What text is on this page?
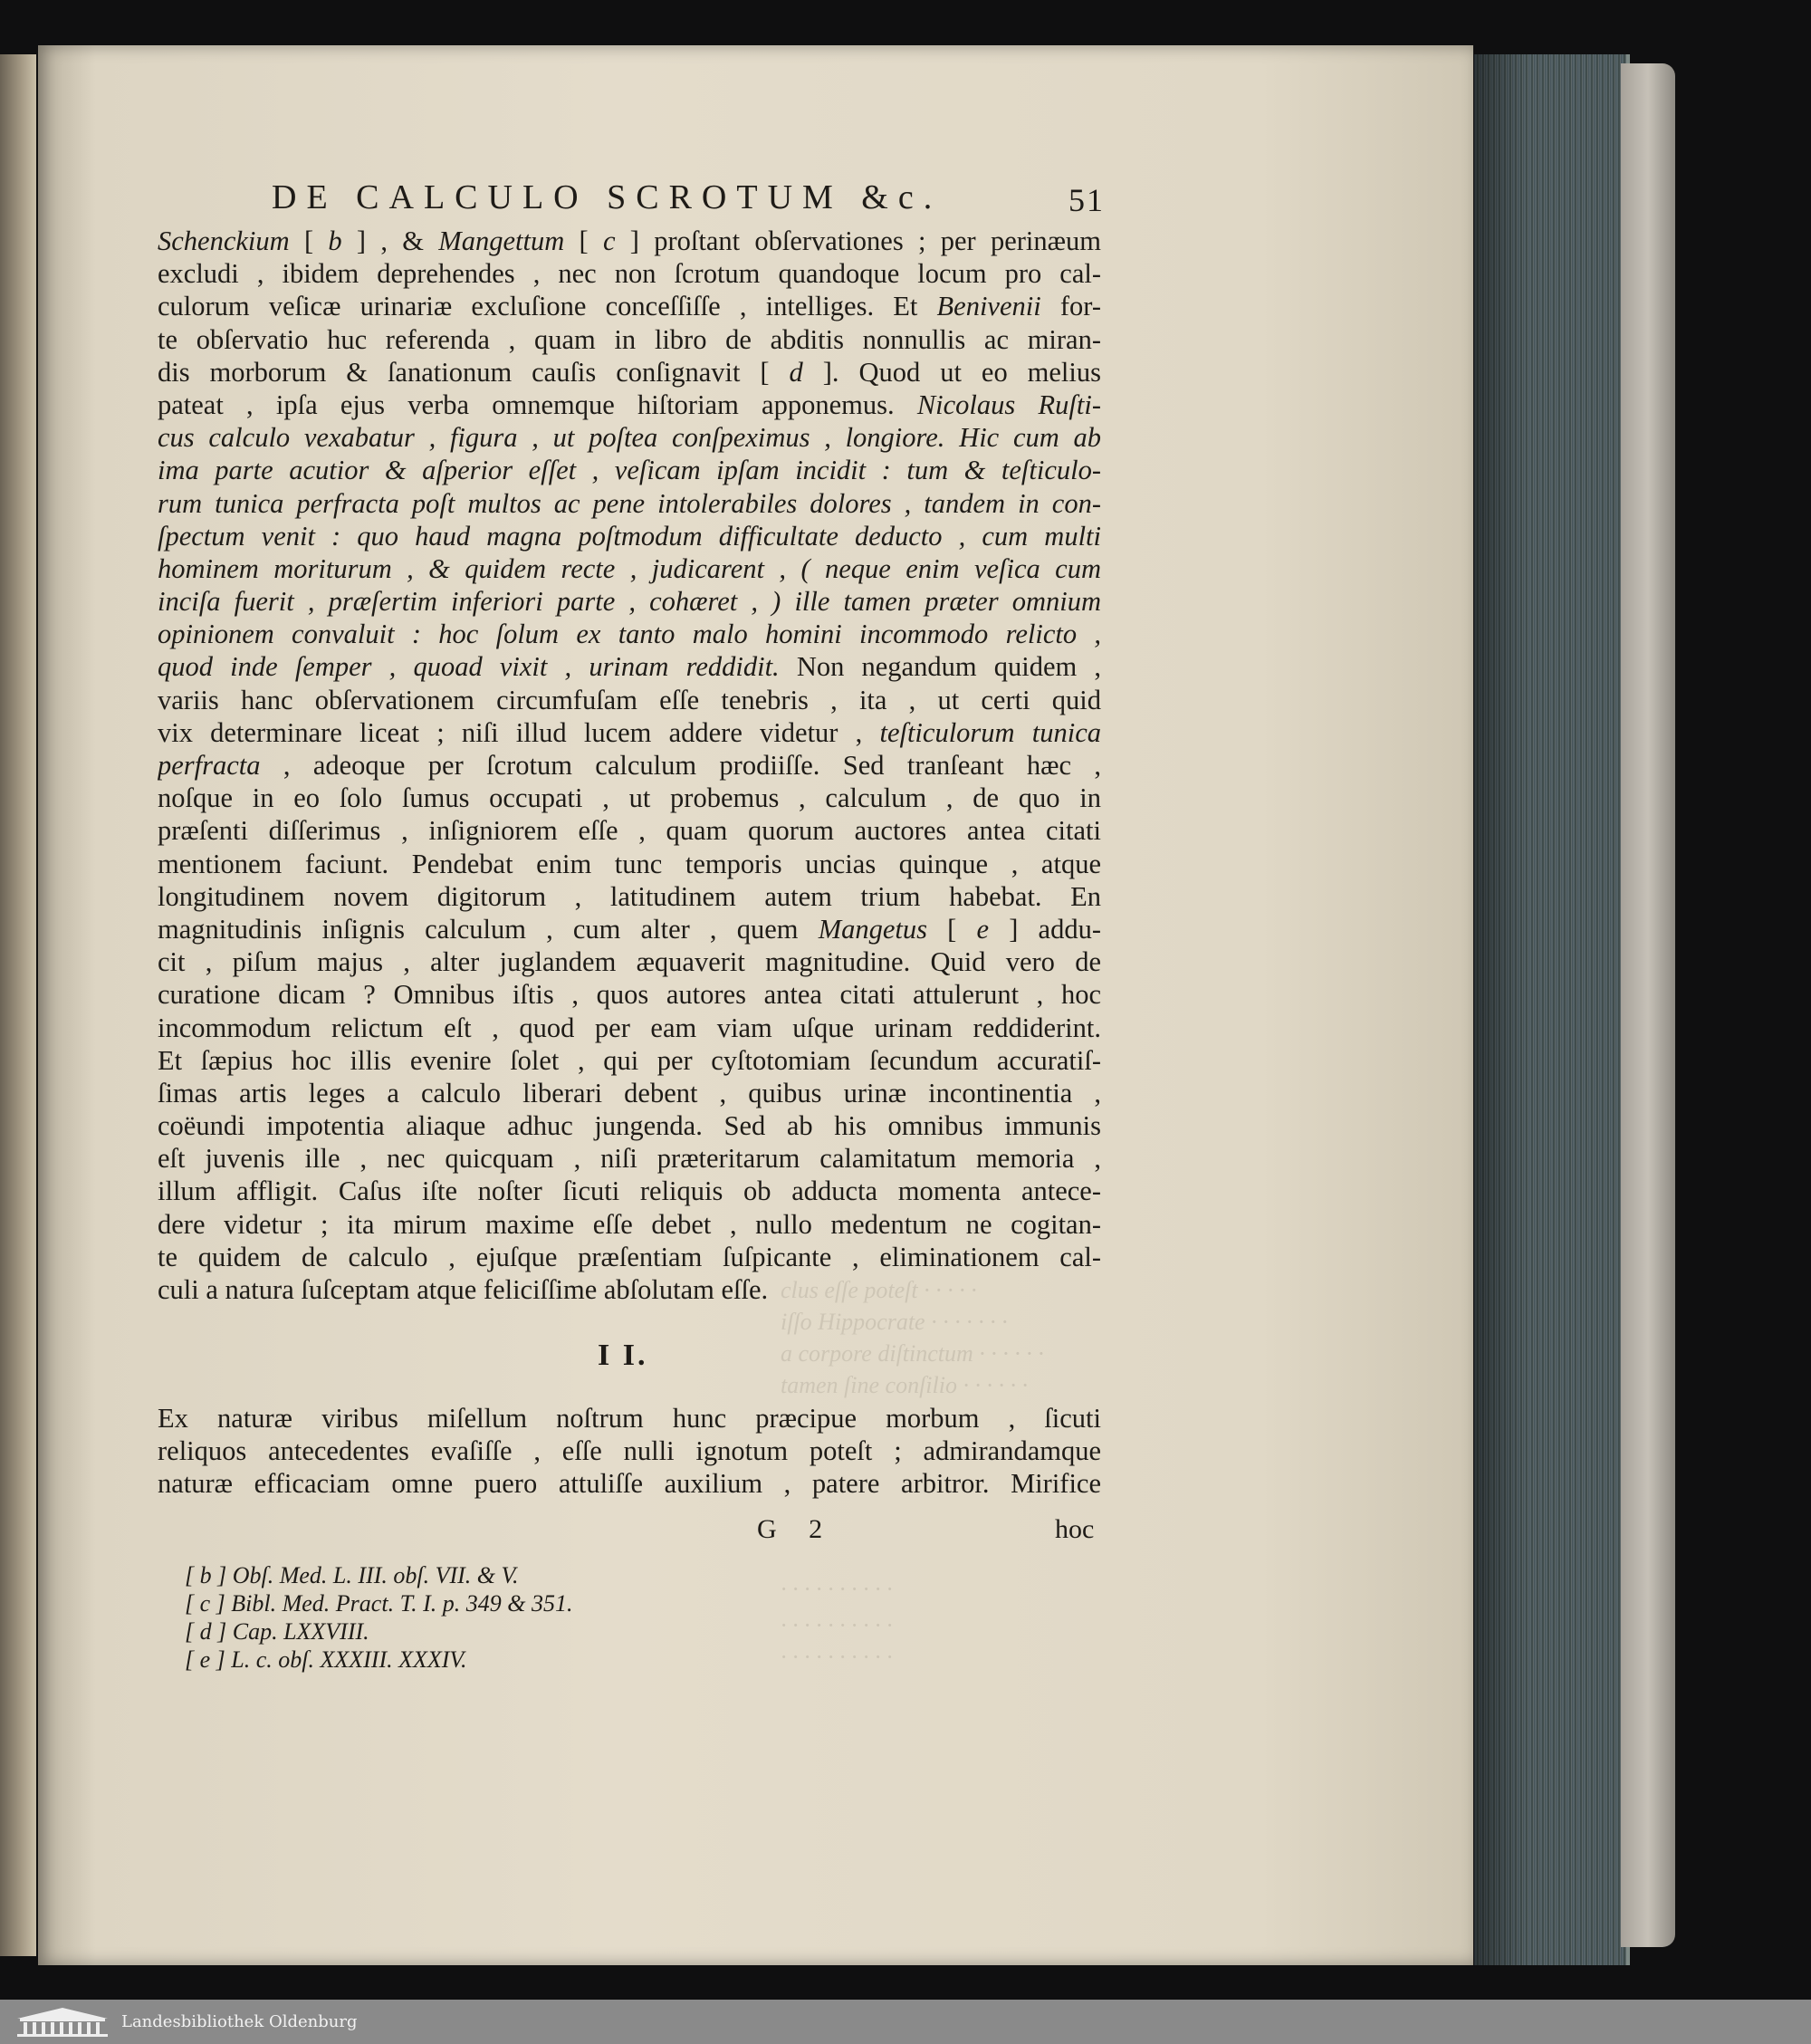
clus eſſe poteſt · · · · ·
iſſo Hippocrate · · · · · · ·
a corpore diſtinctum · · · · · ·
tamen ſine conſilio · · · · · ·
· · · · · · · · · ·
· · · · · · · · · ·
· · · · · · · · · ·
DE CALCULO SCROTUM &c.	51
Schenckium [ b ] , & Mangettum [ c ] proſtant obſervationes ; per perinæum
excludi , ibidem deprehendes , nec non ſcrotum quandoque locum pro cal-
culorum veſicæ urinariæ excluſione conceſſiſſe , intelliges. Et Benivenii for-
te obſervatio huc referenda , quam in libro de abditis nonnullis ac miran-
dis morborum & ſanationum cauſis conſignavit [ d ]. Quod ut eo melius
pateat , ipſa ejus verba omnemque hiſtoriam apponemus. Nicolaus Ruſti-
cus calculo vexabatur , figura , ut poſtea conſpeximus , longiore. Hic cum ab
ima parte acutior & aſperior eſſet , veſicam ipſam incidit : tum & teſticulo-
rum tunica perfracta poſt multos ac pene intolerabiles dolores , tandem in con-
ſpectum venit : quo haud magna poſtmodum difficultate deducto , cum multi
hominem moriturum , & quidem recte , judicarent , ( neque enim veſica cum
inciſa fuerit , præſertim inferiori parte , cohæret , ) ille tamen præter omnium
opinionem convaluit : hoc ſolum ex tanto malo homini incommodo relicto ,
quod inde ſemper , quoad vixit , urinam reddidit. Non negandum quidem ,
variis hanc obſervationem circumfuſam eſſe tenebris , ita , ut certi quid
vix determinare liceat ; niſi illud lucem addere videtur , teſticulorum tunica
perfracta , adeoque per ſcrotum calculum prodiiſſe. Sed tranſeant hæc ,
noſque in eo ſolo ſumus occupati , ut probemus , calculum , de quo in
præſenti diſſerimus , inſigniorem eſſe , quam quorum auctores antea citati
mentionem faciunt. Pendebat enim tunc temporis uncias quinque , atque
longitudinem novem digitorum , latitudinem autem trium habebat. En
magnitudinis inſignis calculum , cum alter , quem Mangetus [ e ] addu-
cit , piſum majus , alter juglandem æquaverit magnitudine. Quid vero de
curatione dicam ? Omnibus iſtis , quos autores antea citati attulerunt , hoc
incommodum relictum eſt , quod per eam viam uſque urinam reddiderint.
Et ſæpius hoc illis evenire ſolet , qui per cyſtotomiam ſecundum accuratiſ-
ſimas artis leges a calculo liberari debent , quibus urinæ incontinentia ,
coëundi impotentia aliaque adhuc jungenda. Sed ab his omnibus immunis
eſt juvenis ille , nec quicquam , niſi præteritarum calamitatum memoria ,
illum affligit. Caſus iſte noſter ſicuti reliquis ob adducta momenta antece-
dere videtur ; ita mirum maxime eſſe debet , nullo medentum ne cogitan-
te quidem de calculo , ejuſque præſentiam ſuſpicante , eliminationem cal-
culi a natura ſuſceptam atque feliciſſime abſolutam eſſe.
I I.
Ex naturæ viribus miſellum noſtrum hunc præcipue morbum , ſicuti
reliquos antecedentes evaſiſſe , eſſe nulli ignotum poteſt ; admirandamque
naturæ efficaciam omne puero attuliſſe auxilium , patere arbitror. Mirifice
G 2	hoc
[ b ] Obſ. Med. L. III. obſ. VII. & V.
[ c ] Bibl. Med. Pract. T. I. p. 349 & 351.
[ d ] Cap. LXXVIII.
[ e ] L. c. obſ. XXXIII. XXXIV.
Landesbibliothek Oldenburg
